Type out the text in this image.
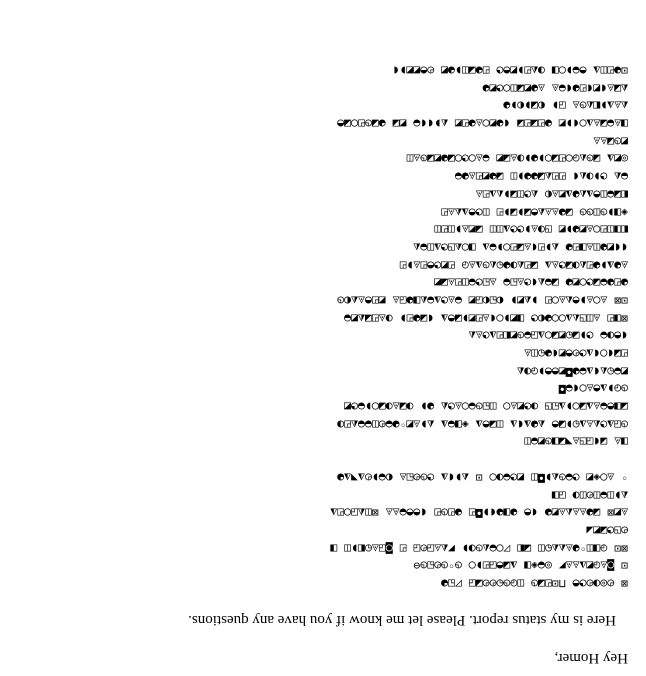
Hey Homer,
Here is my status report. Please let me know if you have any questions.
⊠ ◴◎◑◴◔◓ ⊓⊡◰◪◷ ◫◶◷◵◴◴◪◲ ◸◱◕
⊡ ◙◬◶◩◮◬◬◤ ◎◒◈◨ ◮◪◓◲◰◗◯ ◷◦◷◴◱◷⊖
⊠⊡ ◶◨◫◦◕◬◭◭◵◫ ◪◧ ◸◯◒◭◷◑◗ ◤◭◬◲◴◲ ◰ ◙◲◬◵◧◗◫ ◨
◴◳◔◪◩◢
◬◩⊠ ◪◕◬◬◭◬◩◕ ◖◓ ◕◨◕◖◗◘◰ ◕◰◷◰ ◖◓◓◒◬◬ ⊠◫◭◲◯◰◮
◭◗◫◒◫◴◫◑ ◲◨
◦ ◬◯◈◩ ◔◒◷◭◗◘◫ ◩◔◒◑◯ ⊡ ◭◗◖◮ ◔◷◴◱◬ ◐◒◗◴◮◥◮◕
◨◬ ◪◖◲◳◬◥◪◨◷◩◒◫
◷◲◮◔◭◬◮◵◗◪◓ ◭◕◮◖◮ ◫◪◓◮ ◈◨◒◮ ◭◗◬◩◦◕◒◴◫◒◒◭◰◑
◪◨◓◒◬◮◪◯◗◮◱◳ ◑◔◩◬◯ ◫◱◷◒◯◬◔◭ ◕◗ ◑◪◬◑◪◯◗◒◔◩
◷◶◗◮◓◬◯◖◒◘
◩◒◵◭◖◮◒◕◘◩◓◓◗◶◑◭
◰◪◖◯◖◮◔◴◓◩◖◕◵◫◬
◖◓◑◒ ◔◗◪◵◩◪◯◮◲◒◷◩◧◰◮◔◬◭
⊠◨◰ ◬◫◳◭◮◯◯◕◐◔ ◨◩◗◯◖◬◰◩◗◪◓◮ ◖◪◕◰◗ ◑◬◰◪◭◩◒
⊡⊠ ◬◯◬◗◓◭◬◯◰ ◗◭◩◗ ◐◱◐◲◩ ◒◬◔◮◒◭◨◕◲◬ ◩◰◓◬◭◐◷
◕◰◕◒◪◔◯◩◕ ◪◒◭◖◔◬◱◒ ◬◱◔◒◫◰◬◪◩
◬◕◮◗◕◰◭◑◪◔◬◮ ◪◰◭◑◕◵◭◷◮◬◶ ◰◩◔◓◰◬◗◰
◖◖◩◕◫◬◨◰◕ ◭◗◰◖◬◪◰◯◗◒◮ ◨◯◭◳◔◮◫◒◭
◧◨◫◰◯◬◩◕◗◩ ◳◑◬◗◔◔◮◫◫ ◪◩◬◗◫◰◫
◈◨◗◷◫◷◷ ◪◕◬◬◭◓◪◗◪◗◰ ◫◔◓◮◭◬◰
◧◪◒◫◓◮◭◕◮◩◬◐ ◭◔◫◪◗◭◮◰◬
◒◭ ◔◗◑◭◖ ◰◰◭◪◕◕◗◫ ◪◕◩◰◬◕◒
◎◩◮ ◪◷◭◶◯◰◪◯◗◕◗◑◬◪◩ ◒◬◯◔◯◪◕◩◪◷◬◫
◩◷◪◬◬
◨◬◒◪◬◮◯◖◗◩ ◕◰◪◰◪ ◖◕◩◯◬◕◰◩ ◭◗◖◖◒ ◩◪ ◕◪◷◰◯◪◓
◭◬◮◗◧◭◷◬ ◲◗ ◐◪◗◐◗◕
◭◪◬◖◩◖◰◕◖◒◬ ◬◕◩◪◫◯◔◩◕
⊡◕◰◫◮ ◓◒◗◯◨ ◑◭◰◗◩◓◔ ◰◕◪◫◗◕◩ ◴◓◩◩◗◖
